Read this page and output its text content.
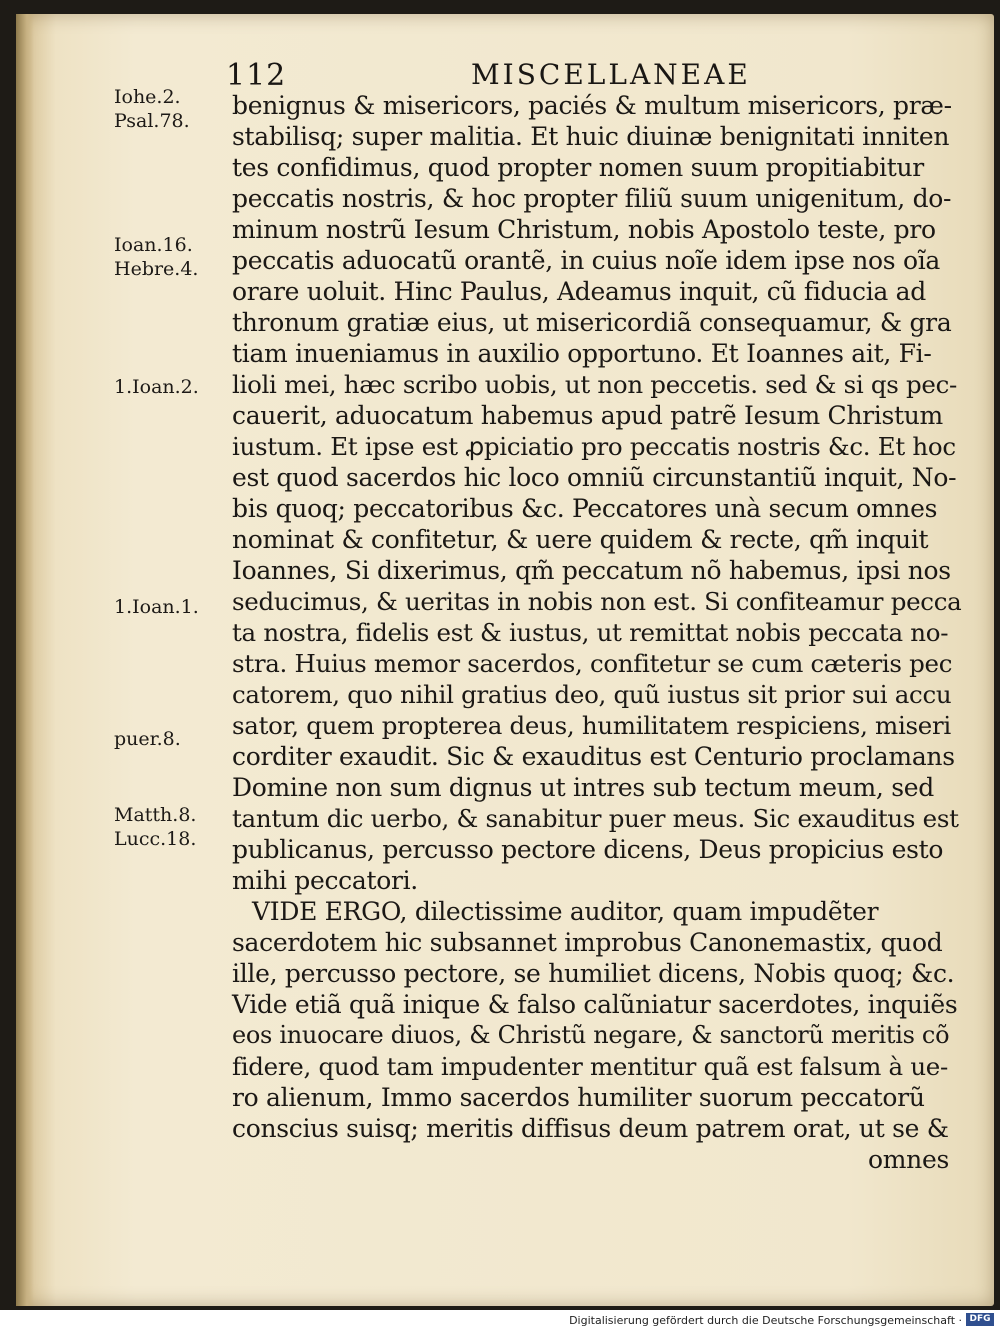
112	MISCELLANEAE
Iohe.2.
Psal.78.
Ioan.16.
Hebre.4.
1.Ioan.2.
1.Ioan.1.
puer.8.
Matth.8.
Lucc.18.
benignus & misericors, paciés & multum misericors, præ-
stabilisq; super malitia. Et huic diuinæ benignitati inniten
tes confidimus, quod propter nomen suum propitiabitur
peccatis nostris, & hoc propter filiũ suum unigenitum, do-
minum nostrũ Iesum Christum, nobis Apostolo teste, pro
peccatis aduocatũ orantẽ, in cuius noĩe idem ipse nos oĩa
orare uoluit. Hinc Paulus, Adeamus inquit, cũ fiducia ad
thronum gratiæ eius, ut misericordiã consequamur, & gra
tiam inueniamus in auxilio opportuno. Et Ioannes ait, Fi-
lioli mei, hæc scribo uobis, ut non peccetis. sed & si qs pec-
cauerit, aduocatum habemus apud patrẽ Iesum Christum
iustum. Et ipse est ꝓpiciatio pro peccatis nostris &c. Et hoc
est quod sacerdos hic loco omniũ circunstantiũ inquit, No-
bis quoq; peccatoribus &c. Peccatores unà secum omnes
nominat & confitetur, & uere quidem & recte, qm̃ inquit
Ioannes, Si dixerimus, qm̃ peccatum nõ habemus, ipsi nos
seducimus, & ueritas in nobis non est. Si confiteamur pecca
ta nostra, fidelis est & iustus, ut remittat nobis peccata no-
stra. Huius memor sacerdos, confitetur se cum cæteris pec
catorem, quo nihil gratius deo, quũ iustus sit prior sui accu
sator, quem propterea deus, humilitatem respiciens, miseri
corditer exaudit. Sic & exauditus est Centurio proclamans
Domine non sum dignus ut intres sub tectum meum, sed
tantum dic uerbo, & sanabitur puer meus. Sic exauditus est
publicanus, percusso pectore dicens, Deus propicius esto
mihi peccatori.
VIDE ERGO, dilectissime auditor, quam impudẽter
sacerdotem hic subsannet improbus Canonemastix, quod
ille, percusso pectore, se humiliet dicens, Nobis quoq; &c.
Vide etiã quã inique & falso calũniatur sacerdotes, inquiẽs
eos inuocare diuos, & Christũ negare, & sanctorũ meritis cõ
fidere, quod tam impudenter mentitur quã est falsum à ue-
ro alienum, Immo sacerdos humiliter suorum peccatorũ
conscius suisq; meritis diffisus deum patrem orat, ut se &
omnes
Digitalisierung gefördert durch die Deutsche Forschungsgemeinschaft · DFG
